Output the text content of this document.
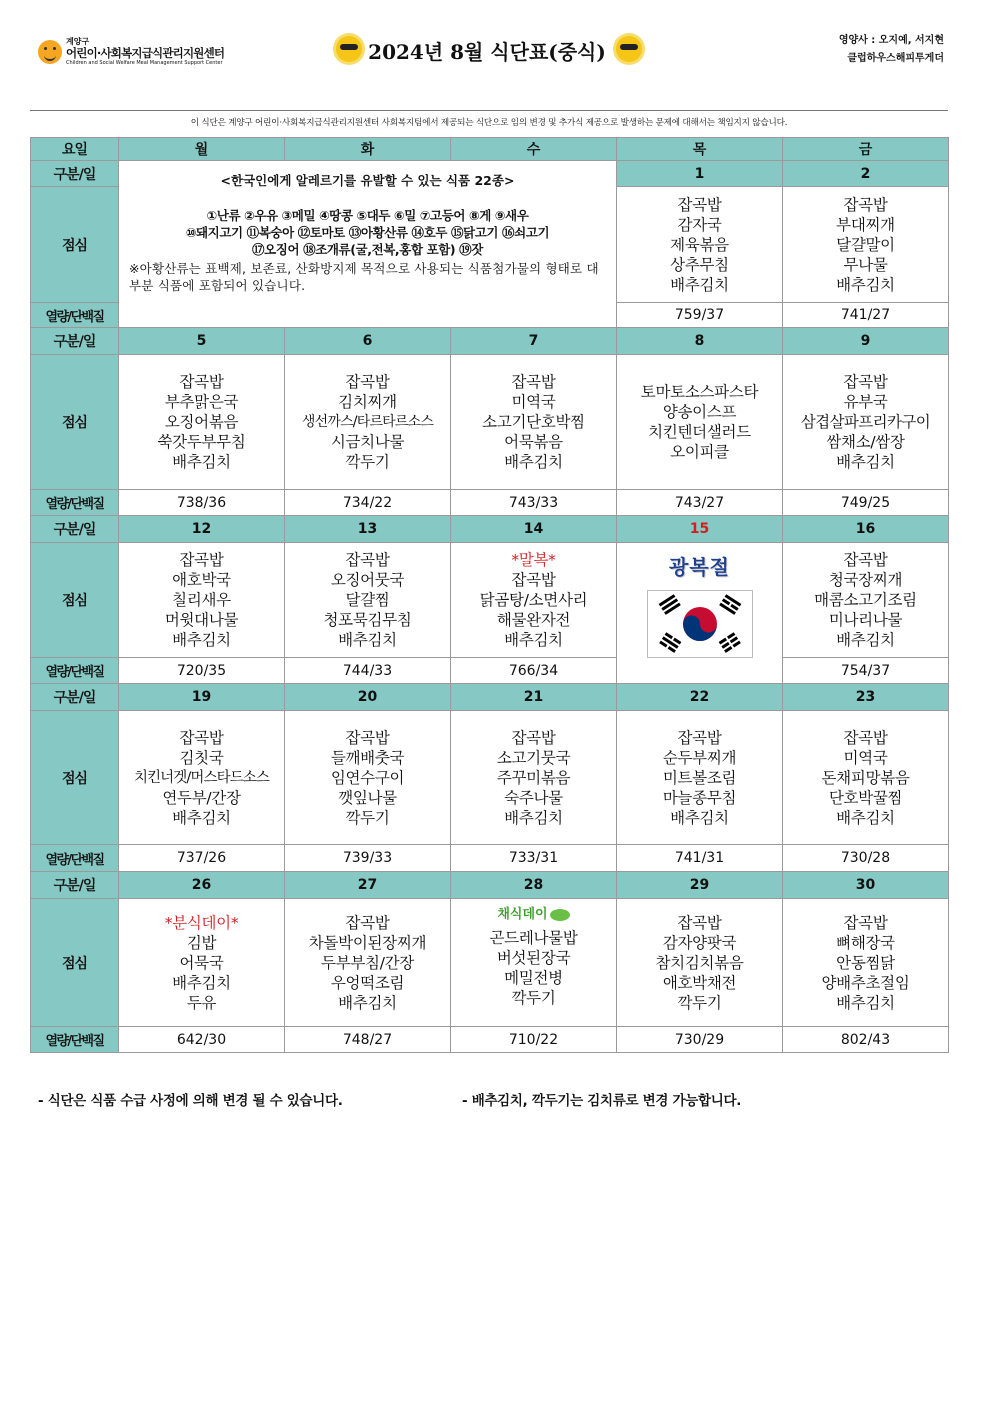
계양구
어린이·사회복지급식관리지원센터
Children and Social Welfare Meal Management Support Center	2024년 8월 식단표(중식)	영양사 : 오지예, 서지현
클럽하우스해피투게더
이 식단은 계양구 어린이·사회복지급식관리지원센터 사회복지팀에서 제공되는 식단으로 임의 변경 및 추가식 제공으로 발생하는 문제에 대해서는 책임지지 않습니다.
요일	월	화	수	목	금
구분/일	<한국인에게 알레르기를 유발할 수 있는 식품 22종>
①난류 ②우유 ③메밀 ④땅콩 ⑤대두 ⑥밀 ⑦고등어 ⑧게 ⑨새우
⑩돼지고기 ⑪복숭아 ⑫토마토 ⑬아황산류 ⑭호두 ⑮닭고기 ⑯쇠고기
⑰오징어 ⑱조개류(굴,전복,홍합 포함) ⑲잣
※아황산류는 표백제, 보존료, 산화방지제 목적으로 사용되는 식품첨가물의 형태로 대부분 식품에 포함되어 있습니다.			1	2
점심				잡곡밥
감자국
제육볶음
상추무침
배추김치	잡곡밥
부대찌개
달걀말이
무나물
배추김치

열량/단백질				759/37	741/27
구분/일	5	6	7	8	9
점심	잡곡밥
부추맑은국
오징어볶음
쑥갓두부무침
배추김치	잡곡밥
김치찌개
생선까스/타르타르소스
시금치나물
깍두기	잡곡밥
미역국
소고기단호박찜
어묵볶음
배추김치	토마토소스파스타
양송이스프
치킨텐더샐러드
오이피클	잡곡밥
유부국
삼겹살파프리카구이
쌈채소/쌈장
배추김치

열량/단백질	738/36	734/22	743/33	743/27	749/25
구분/일	12	13	14	15	16
점심	잡곡밥
애호박국
칠리새우
머윗대나물
배추김치	잡곡밥
오징어뭇국
달걀찜
청포묵김무침
배추김치	*말복*
잡곡밥
닭곰탕/소면사리
해물완자전
배추김치	광복절	잡곡밥
청국장찌개
매콤소고기조림
미나리나물
배추김치

열량/단백질	720/35	744/33	766/34		754/37
구분/일	19	20	21	22	23
점심	잡곡밥
김칫국
치킨너겟/머스타드소스
연두부/간장
배추김치	잡곡밥
들깨배춧국
임연수구이
깻잎나물
깍두기	잡곡밥
소고기뭇국
주꾸미볶음
숙주나물
배추김치	잡곡밥
순두부찌개
미트볼조림
마늘종무침
배추김치	잡곡밥
미역국
돈채피망볶음
단호박꿀찜
배추김치

열량/단백질	737/26	739/33	733/31	741/31	730/28
구분/일	26	27	28	29	30
점심	*분식데이*
김밥
어묵국
배추김치
두유	잡곡밥
차돌박이된장찌개
두부부침/간장
우엉떡조림
배추김치	채식데이
곤드레나물밥
버섯된장국
메밀전병
깍두기	잡곡밥
감자양팟국
참치김치볶음
애호박채전
깍두기	잡곡밥
뼈해장국
안동찜닭
양배추초절임
배추김치

열량/단백질	642/30	748/27	710/22	730/29	802/43
- 식단은 식품 수급 사정에 의해 변경 될 수 있습니다.	- 배추김치, 깍두기는 김치류로 변경 가능합니다.
